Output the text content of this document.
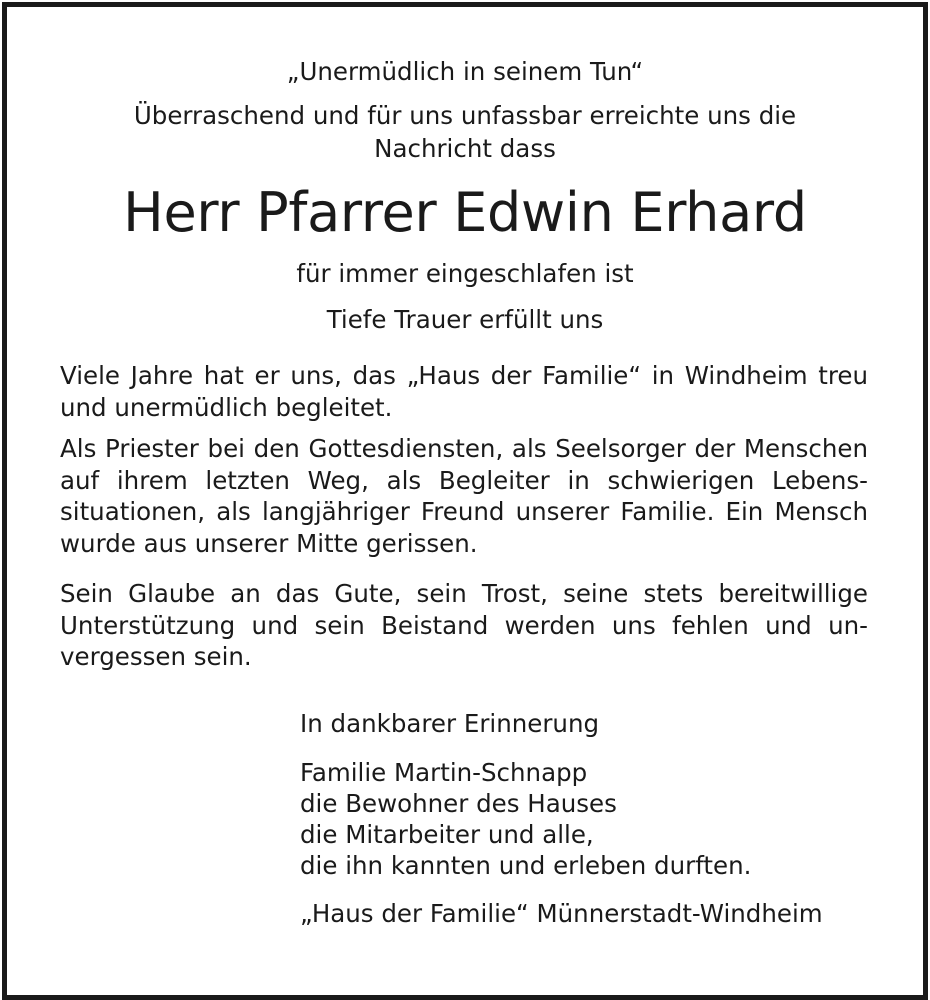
„Unermüdlich in seinem Tun“
Überraschend und für uns unfassbar erreichte uns die
Nachricht dass
Herr Pfarrer Edwin Erhard
für immer eingeschlafen ist
Tiefe Trauer erfüllt uns
Viele Jahre hat er uns, das „Haus der Familie“ in Windheim treu
und unermüdlich begleitet.
Als Priester bei den Gottesdiensten, als Seelsorger der Menschen
auf ihrem letzten Weg, als Begleiter in schwierigen Lebens-
situationen, als langjähriger Freund unserer Familie. Ein Mensch
wurde aus unserer Mitte gerissen.
Sein Glaube an das Gute, sein Trost, seine stets bereitwillige
Unterstützung und sein Beistand werden uns fehlen und un-
vergessen sein.
In dankbarer Erinnerung
Familie Martin-Schnapp
die Bewohner des Hauses
die Mitarbeiter und alle,
die ihn kannten und erleben durften.
„Haus der Familie“ Münnerstadt-Windheim
